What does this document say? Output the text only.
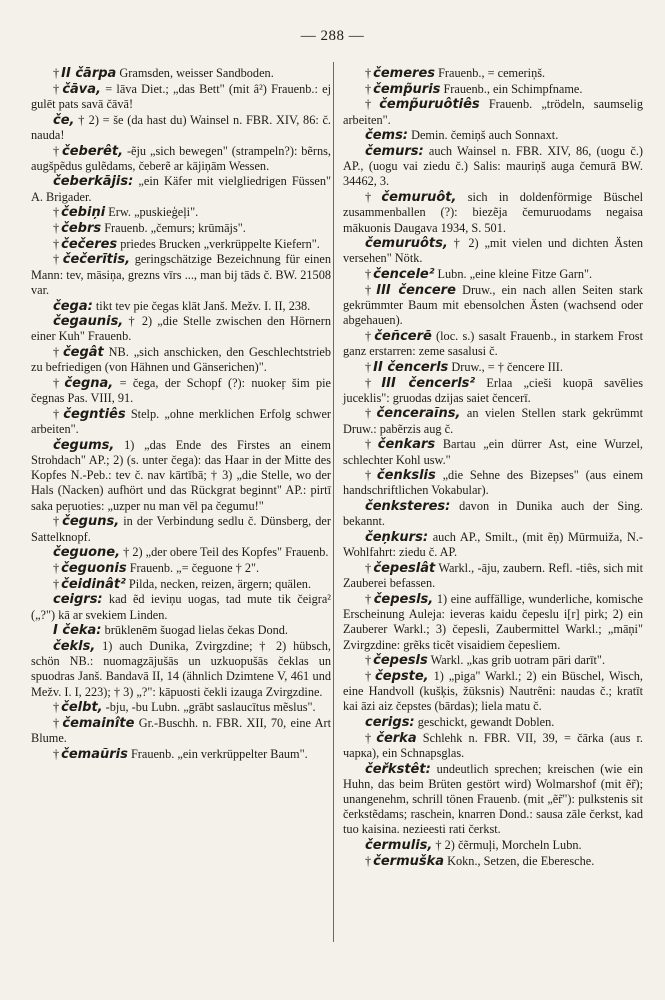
— 288 —
† II čārpa Gramsden, weisser Sandboden.
† čāva, = lāva Diet.; „das Bett" (mit â²) Frauenb.: ej gulēt pats savā čāvā!
če, † 2) = še (da hast du) Wainsel n. FBR. XIV, 86: č. nauda!
† čeberêt, -ẽju „sich bewegen" (strampeln?): bẽrns, augšpẽdus gulẽdams, čeberẽ ar kājiņām Wessen.
čeberkājis: „ein Käfer mit vielgliedrigen Füssen" A. Brigader.
† čebiņi Erw. „puskieģeļi".
† čebrs Frauenb. „čemurs; krūmājs".
† čečeres priedes Brucken „verkrüppelte Kiefern".
† čečerītis, geringschätzige Bezeichnung für einen Mann: tev, māsiņa, grezns vīrs ..., man bij tāds č. BW. 21508 var.
čega: tikt tev pie čegas klāt Janš. Mežv. I. II, 238.
čegaunis, † 2) „die Stelle zwischen den Hörnern einer Kuh" Frauenb.
† čegât NB. „sich anschicken, den Geschlechtstrieb zu befriedigen (von Hähnen und Gänserichen)".
† čegna, = čega, der Schopf (?): nuokeŗ šim pie čegnas Pas. VIII, 91.
† čegntiês Stelp. „ohne merklichen Erfolg schwer arbeiten".
čegums, 1) „das Ende des Firstes an einem Strohdach" AP.; 2) (s. unter čega): das Haar in der Mitte des Kopfes N.-Peb.: tev č. nav kārtībā; † 3) „die Stelle, wo der Hals (Nacken) aufhört und das Rückgrat beginnt" AP.: pirtī saka peŗuoties: „uzper nu man vēl pa čegumu!"
† čeguns, in der Verbindung sedlu č. Dünsberg, der Sattelknopf.
čeguone, † 2) „der obere Teil des Kopfes" Frauenb.
† čeguonis Frauenb. „= čeguone † 2".
† čeidinât² Pilda, necken, reizen, ärgern; quälen.
ceigrs: kad ẽd ieviņu uogas, tad mute tik čeigra² („?") kā ar svekiem Linden.
I čeka: brūklenēm šuogad lielas čekas Dond.
čekls, 1) auch Dunika, Zvirgzdine; † 2) hübsch, schön NB.: nuomagzājušās un uzkuopušās čeklas un spuodras Janš. Bandavā II, 14 (ähnlich Dzimtene V, 461 und Mežv. I. I, 223); † 3) „?": kāpuosti čekli izauga Zvirgzdine.
† čelbt, -bju, -bu Lubn. „grābt saslaucītus mẽslus".
† čemainîte Gr.-Buschh. n. FBR. XII, 70, eine Art Blume.
† čemaũris Frauenb. „ein verkrüppelter Baum".
† čemeres Frauenb., = cemeriņš.
† čemp̃uris Frauenb., ein Schimpfname.
† čemp̃uruôtiês Frauenb. „trödeln, saumselig arbeiten".
čems: Demin. čemiņš auch Sonnaxt.
čemurs: auch Wainsel n. FBR. XIV, 86, (uogu č.) AP., (uogu vai ziedu č.) Salis: mauriņš auga čemurā BW. 34462, 3.
† čemuruôt, sich in doldenförmige Büschel zusammenballen (?): biezẽja čemuruodams negaisa mākuonis Daugava 1934, S. 501.
čemuruôts, † 2) „mit vielen und dichten Ästen versehen" Nötk.
† čencele² Lubn. „eine kleine Fitze Garn".
† III čencere Druw., ein nach allen Seiten stark gekrümmter Baum mit ebensolchen Ästen (wachsend oder abgehauen).
† čeñcerē (loc. s.) sasalt Frauenb., in starkem Frost ganz erstarren: zeme sasalusi č.
† II čencerls Druw., = † čencere III.
† III čencerls² Erlaa „cieši kuopā savēlies juceklis": gruodas dzijas saiet čencerī.
† čenceraĩns, an vielen Stellen stark gekrümmt Druw.: pabẽrzis aug č.
† čenkars Bartau „ein dürrer Ast, eine Wurzel, schlechter Kohl usw."
† čenkslis „die Sehne des Bizepses" (aus einem handschriftlichen Vokabular).
čenksteres: davon in Dunika auch der Sing. bekannt.
čeņkurs: auch AP., Smilt., (mit ẽņ) Mūrmuiža, N.-Wohlfahrt: ziedu č. AP.
† čepeslât Warkl., -āju, zaubern. Refl. -tiês, sich mit Zauberei befassen.
† čepesls, 1) eine auffällige, wunderliche, komische Erscheinung Auleja: ieveras kaidu čepeslu i[r] pirk; 2) ein Zauberer Warkl.; 3) čepesli, Zaubermittel Warkl.; „māņi" Zvirgzdine: grẽks ticẽt visaidiem čepesliem.
† čepesls Warkl. „kas grib uotram pāri darīt".
† čepste, 1) „piga" Warkl.; 2) ein Büschel, Wisch, eine Handvoll (kušķis, žūksnis) Nautrẽni: naudas č.; kratīt kai āzi aiz čepstes (bārdas); liela matu č.
cerigs: geschickt, gewandt Doblen.
† čerka Schlehk n. FBR. VII, 39, = čārka (aus r. чарка), ein Schnapsglas.
čeřkstêt: undeutlich sprechen; kreischen (wie ein Huhn, das beim Brüten gestört wird) Wolmarshof (mit ẽr̃); unangenehm, schrill tönen Frauenb. (mit „ẽr̃"): pulkstenis sit čerkstẽdams; raschein, knarren Dond.: sausa zāle čerkst, kad tuo kaisina. nezieesti rati čerkst.
čermulis, † 2) čẽrmuļi, Morcheln Lubn.
† čermuška Kokn., Setzen, die Eberesche.
